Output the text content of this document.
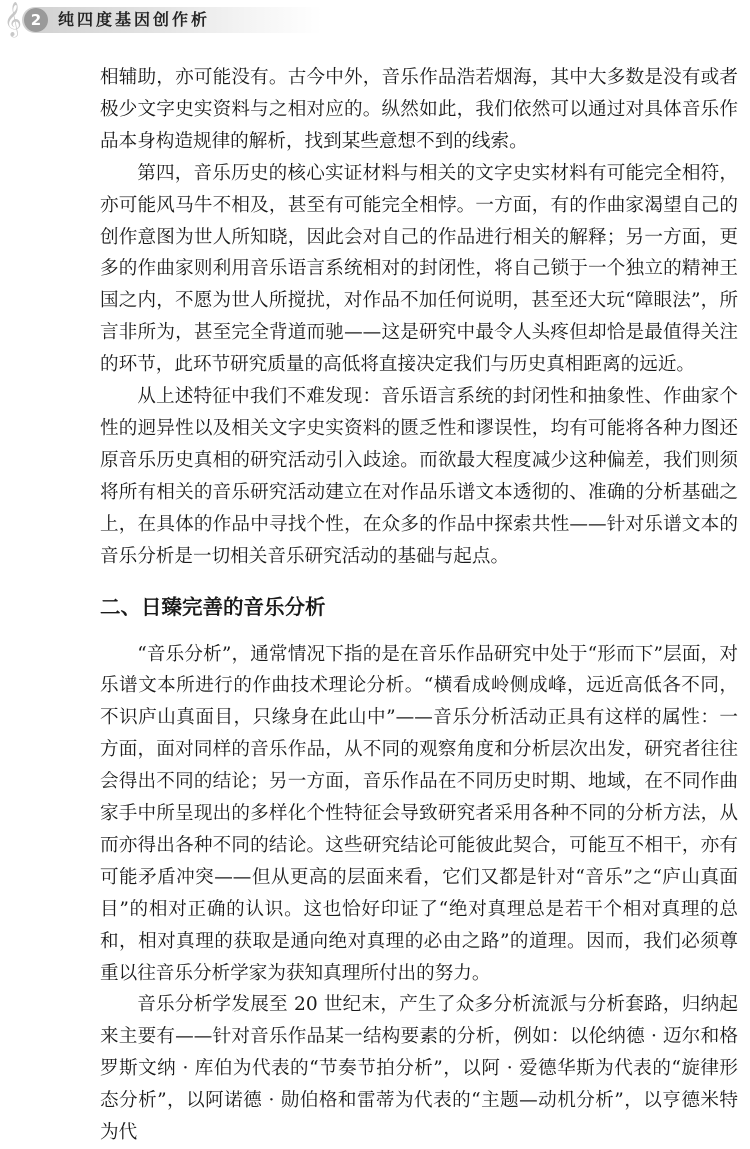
𝄞 2	纯四度基因创作析

相辅助，亦可能没有。古今中外，音乐作品浩若烟海，其中大多数是没有或者极少文字史实资料与之相对应的。纵然如此，我们依然可以通过对具体音乐作品本身构造规律的解析，找到某些意想不到的线索。

第四，音乐历史的核心实证材料与相关的文字史实材料有可能完全相符，亦可能风马牛不相及，甚至有可能完全相悖。一方面，有的作曲家渴望自己的创作意图为世人所知晓，因此会对自己的作品进行相关的解释；另一方面，更多的作曲家则利用音乐语言系统相对的封闭性，将自己锁于一个独立的精神王国之内，不愿为世人所搅扰，对作品不加任何说明，甚至还大玩“障眼法”，所言非所为，甚至完全背道而驰——这是研究中最令人头疼但却恰是最值得关注的环节，此环节研究质量的高低将直接决定我们与历史真相距离的远近。

从上述特征中我们不难发现：音乐语言系统的封闭性和抽象性、作曲家个性的迥异性以及相关文字史实资料的匮乏性和谬误性，均有可能将各种力图还原音乐历史真相的研究活动引入歧途。而欲最大程度减少这种偏差，我们则须将所有相关的音乐研究活动建立在对作品乐谱文本透彻的、准确的分析基础之上，在具体的作品中寻找个性，在众多的作品中探索共性——针对乐谱文本的音乐分析是一切相关音乐研究活动的基础与起点。

二、日臻完善的音乐分析

“音乐分析”，通常情况下指的是在音乐作品研究中处于“形而下”层面，对乐谱文本所进行的作曲技术理论分析。“横看成岭侧成峰，远近高低各不同，不识庐山真面目，只缘身在此山中”——音乐分析活动正具有这样的属性：一方面，面对同样的音乐作品，从不同的观察角度和分析层次出发，研究者往往会得出不同的结论；另一方面，音乐作品在不同历史时期、地域，在不同作曲家手中所呈现出的多样化个性特征会导致研究者采用各种不同的分析方法，从而亦得出各种不同的结论。这些研究结论可能彼此契合，可能互不相干，亦有可能矛盾冲突——但从更高的层面来看，它们又都是针对“音乐”之“庐山真面目”的相对正确的认识。这也恰好印证了“绝对真理总是若干个相对真理的总和，相对真理的获取是通向绝对真理的必由之路”的道理。因而，我们必须尊重以往音乐分析学家为获知真理所付出的努力。

音乐分析学发展至 20 世纪末，产生了众多分析流派与分析套路，归纳起来主要有——针对音乐作品某一结构要素的分析，例如：以伦纳德 · 迈尔和格罗斯文纳 · 库伯为代表的“节奏节拍分析”，以阿 · 爱德华斯为代表的“旋律形态分析”，以阿诺德 · 勋伯格和雷蒂为代表的“主题—动机分析”，以亨德米特为代
